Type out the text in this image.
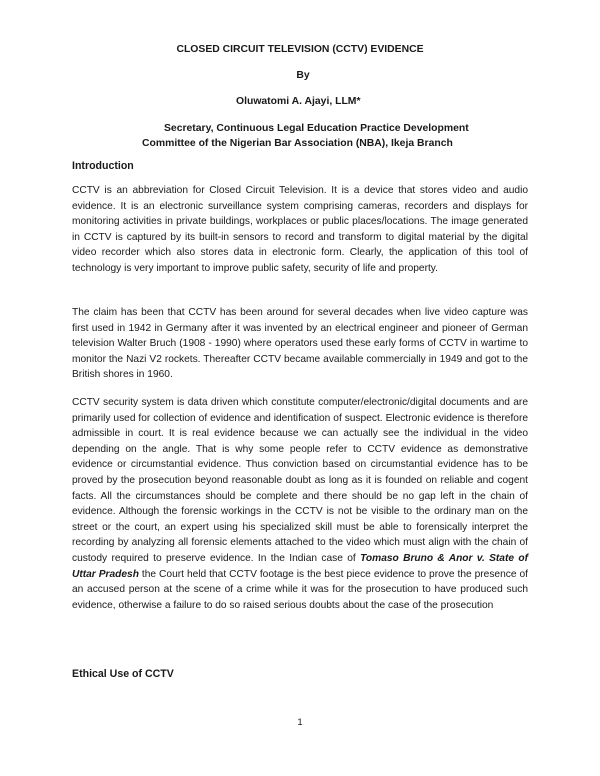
CLOSED CIRCUIT TELEVISION (CCTV) EVIDENCE

By

Oluwatomi A. Ajayi, LLM*

Secretary, Continuous Legal Education Practice Development
Committee of the Nigerian Bar Association (NBA), Ikeja Branch

Introduction

CCTV is an abbreviation for Closed Circuit Television. It is a device that stores video and audio evidence. It is an electronic surveillance system comprising cameras, recorders and displays for monitoring activities in private buildings, workplaces or public places/locations. The image generated in CCTV is captured by its built-in sensors to record and transform to digital material by the digital video recorder which also stores data in electronic form. Clearly, the application of this tool of technology is very important to improve public safety, security of life and property.

The claim has been that CCTV has been around for several decades when live video capture was first used in 1942 in Germany after it was invented by an electrical engineer and pioneer of German television Walter Bruch (1908 - 1990) where operators used these early forms of CCTV in wartime to monitor the Nazi V2 rockets. Thereafter CCTV became available commercially in 1949 and got to the British shores in 1960.

CCTV security system is data driven which constitute computer/electronic/digital documents and are primarily used for collection of evidence and identification of suspect. Electronic evidence is therefore admissible in court. It is real evidence because we can actually see the individual in the video depending on the angle. That is why some people refer to CCTV evidence as demonstrative evidence or circumstantial evidence. Thus conviction based on circumstantial evidence has to be proved by the prosecution beyond reasonable doubt as long as it is founded on reliable and cogent facts. All the circumstances should be complete and there should be no gap left in the chain of evidence. Although the forensic workings in the CCTV is not be visible to the ordinary man on the street or the court, an expert using his specialized skill must be able to forensically interpret the recording by analyzing all forensic elements attached to the video which must align with the chain of custody required to preserve evidence. In the Indian case of Tomaso Bruno & Anor v. State of Uttar Pradesh the Court held that CCTV footage is the best piece evidence to prove the presence of an accused person at the scene of a crime while it was for the prosecution to have produced such evidence, otherwise a failure to do so raised serious doubts about the case of the prosecution

Ethical Use of CCTV

1
